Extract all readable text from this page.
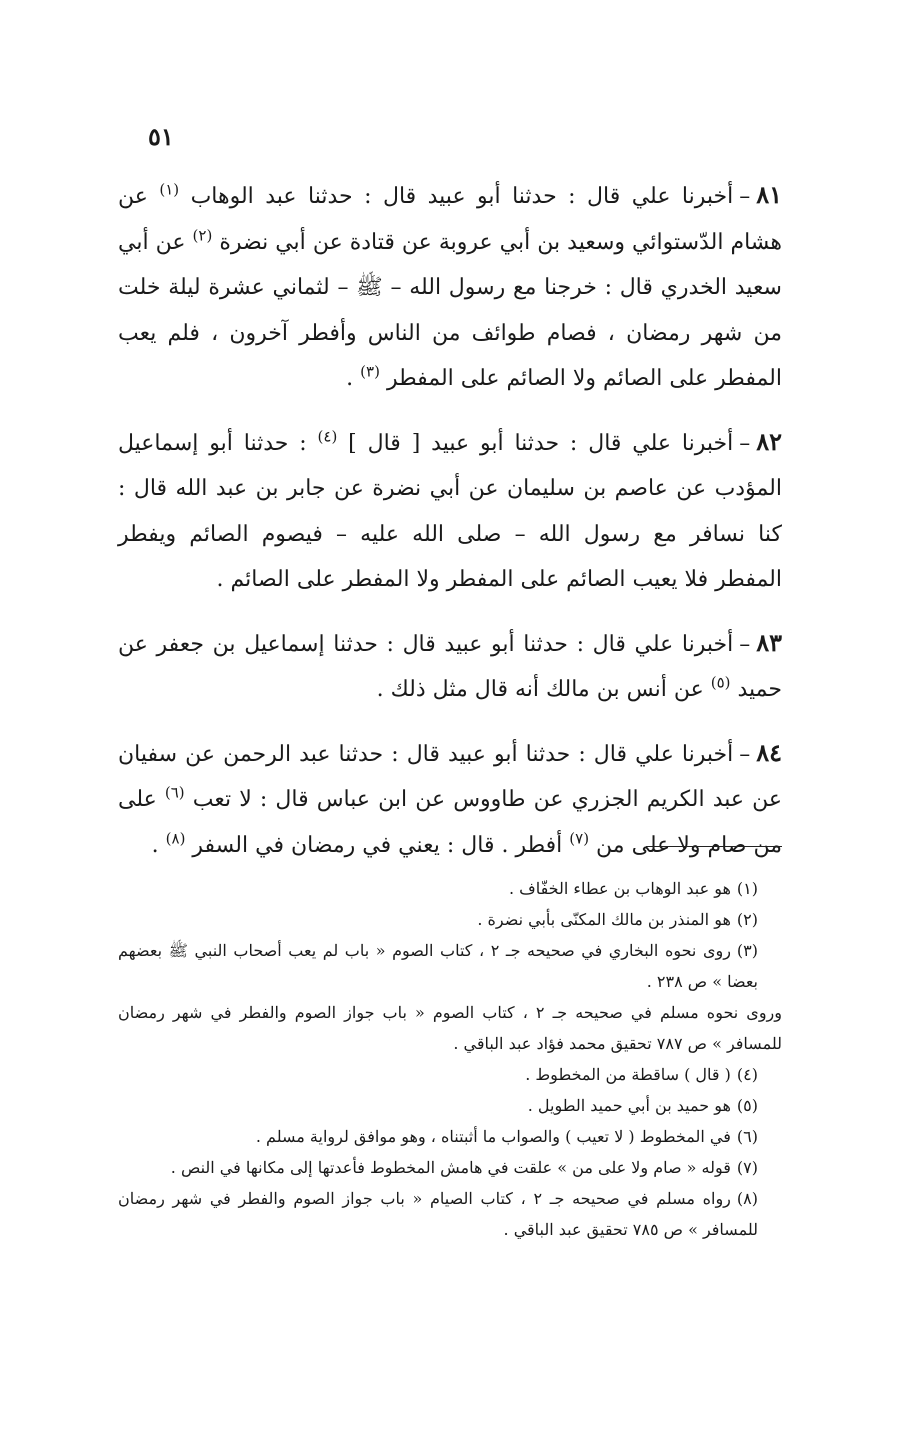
٥١

٨١–أخبرنا علي قال : حدثنا أبو عبيد قال : حدثنا عبد الوهاب $^{(١)}$ عن هشام الدّستوائي وسعيد بن أبي عروبة عن قتادة عن أبي نضرة $^{(٢)}$ عن أبي سعيد الخدري قال : خرجنا مع رسول الله – ﷺ – لثماني عشرة ليلة خلت من شهر رمضان ، فصام طوائف من الناس وأفطر آخرون ، فلم يعب المفطر على الصائم ولا الصائم على المفطر $^{(٣)}$ .

٨٢–أخبرنا علي قال : حدثنا أبو عبيد [ قال ] $^{(٤)}$ : حدثنا أبو إسماعيل المؤدب عن عاصم بن سليمان عن أبي نضرة عن جابر بن عبد الله قال : كنا نسافر مع رسول الله – صلى الله عليه – فيصوم الصائم ويفطر المفطر فلا يعيب الصائم على المفطر ولا المفطر على الصائم .

٨٣–أخبرنا علي قال : حدثنا أبو عبيد قال : حدثنا إسماعيل بن جعفر عن حميد $^{(٥)}$ عن أنس بن مالك أنه قال مثل ذلك .

٨٤–أخبرنا علي قال : حدثنا أبو عبيد قال : حدثنا عبد الرحمن عن سفيان عن عبد الكريم الجزري عن طاووس عن ابن عباس قال : لا تعب $^{(٦)}$ على من صام ولا على من $^{(٧)}$ أفطر . قال : يعني في رمضان في السفر $^{(٨)}$ .

(١)هو عبد الوهاب بن عطاء الخفّاف .

(٢)هو المنذر بن مالك المكنّى بأبي نضرة .

(٣)روى نحوه البخاري في صحيحه جـ ٢ ، كتاب الصوم « باب لم يعب أصحاب النبي ﷺ بعضهم بعضا » ص ٢٣٨ .

وروى نحوه مسلم في صحيحه جـ ٢ ، كتاب الصوم « باب جواز الصوم والفطر في شهر رمضان للمسافر » ص ٧٨٧ تحقيق محمد فؤاد عبد الباقي .

(٤)( قال ) ساقطة من المخطوط .

(٥)هو حميد بن أبي حميد الطويل .

(٦)في المخطوط ( لا تعيب ) والصواب ما أثبتناه ، وهو موافق لرواية مسلم .

(٧)قوله « صام ولا على من » علقت في هامش المخطوط فأعدتها إلى مكانها في النص .

(٨)رواه مسلم في صحيحه جـ ٢ ، كتاب الصيام « باب جواز الصوم والفطر في شهر رمضان للمسافر » ص ٧٨٥ تحقيق عبد الباقي .
